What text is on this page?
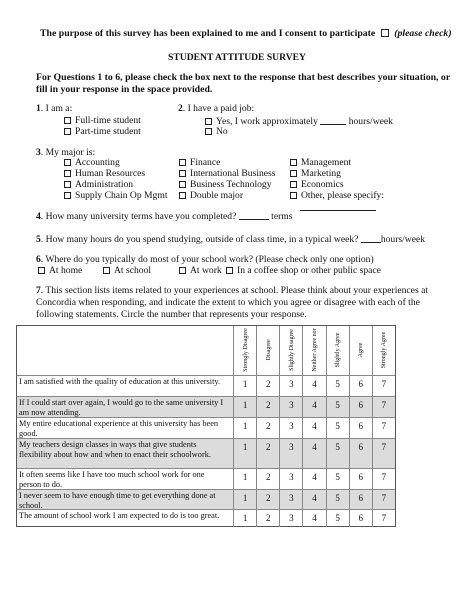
The purpose of this survey has been explained to me and I consent to participate (please check)
STUDENT ATTITUDE SURVEY
For Questions 1 to 6, please check the box next to the response that best describes your situation, or fill in your response in the space provided.
1. I am a:
Full-time student
Part-time student
2. I have a paid job:
Yes, I work approximately	hours/week
No
3. My major is:
Accounting	Finance	Management
Human Resources	International Business	Marketing
Administration	Business Technology	Economics
Supply Chain Op Mgmt	Double major	Other, please specify:
4. How many university terms have you completed?	terms
5. How many hours do you spend studying, outside of class time, in a typical week? hours/week
6. Where do you typically do most of your school work? (Please check only one option)
At home	At school	At work	In a coffee shop or other public space
7. This section lists items related to your experiences at school. Please think about your experiences at Concordia when responding, and indicate the extent to which you agree or disagree with each of the following statements. Circle the number that represents your response.
Strongly Disagree	Disagree	Slightly Disagree	Neither Agree nor	Slightly Agree	Agree	Strongly Agree
I am satisfied with the quality of education at this university.	1	2	3	4	5	6	7
If I could start over again, I would go to the same university I am now attending.
1	2	3	4	5	6	7
My entire educational experience at this university has been good.
1	2	3	4	5	6	7
My teachers design classes in ways that give students flexibility about how and when to enact their schoolwork.
1	2	3	4	5	6	7
It often seems like I have too much school work for one person to do.
1	2	3	4	5	6	7
I never seem to have enough time to get everything done at school.
1	2	3	4	5	6	7
The amount of school work I am expected to do is too great.	1	2	3	4	5	6	7
